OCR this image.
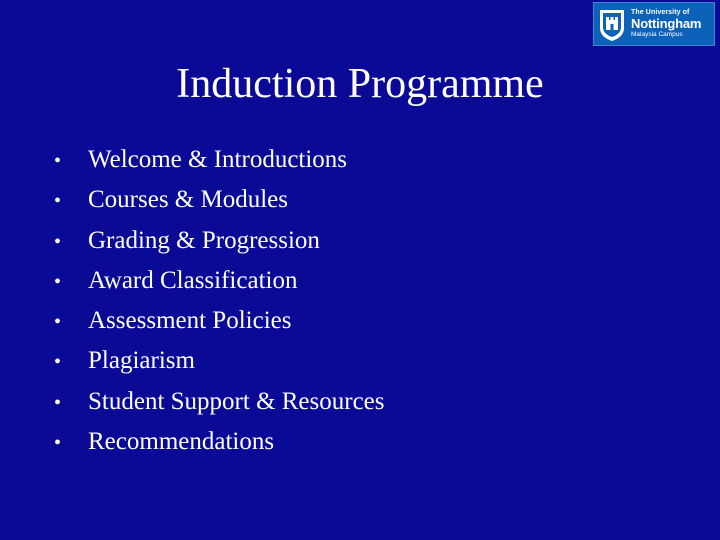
The University of
Nottingham
Malaysia Campus
Induction Programme
•	Welcome & Introductions
•	Courses & Modules
•	Grading & Progression
•	Award Classification
•	Assessment Policies
•	Plagiarism
•	Student Support & Resources
•	Recommendations
